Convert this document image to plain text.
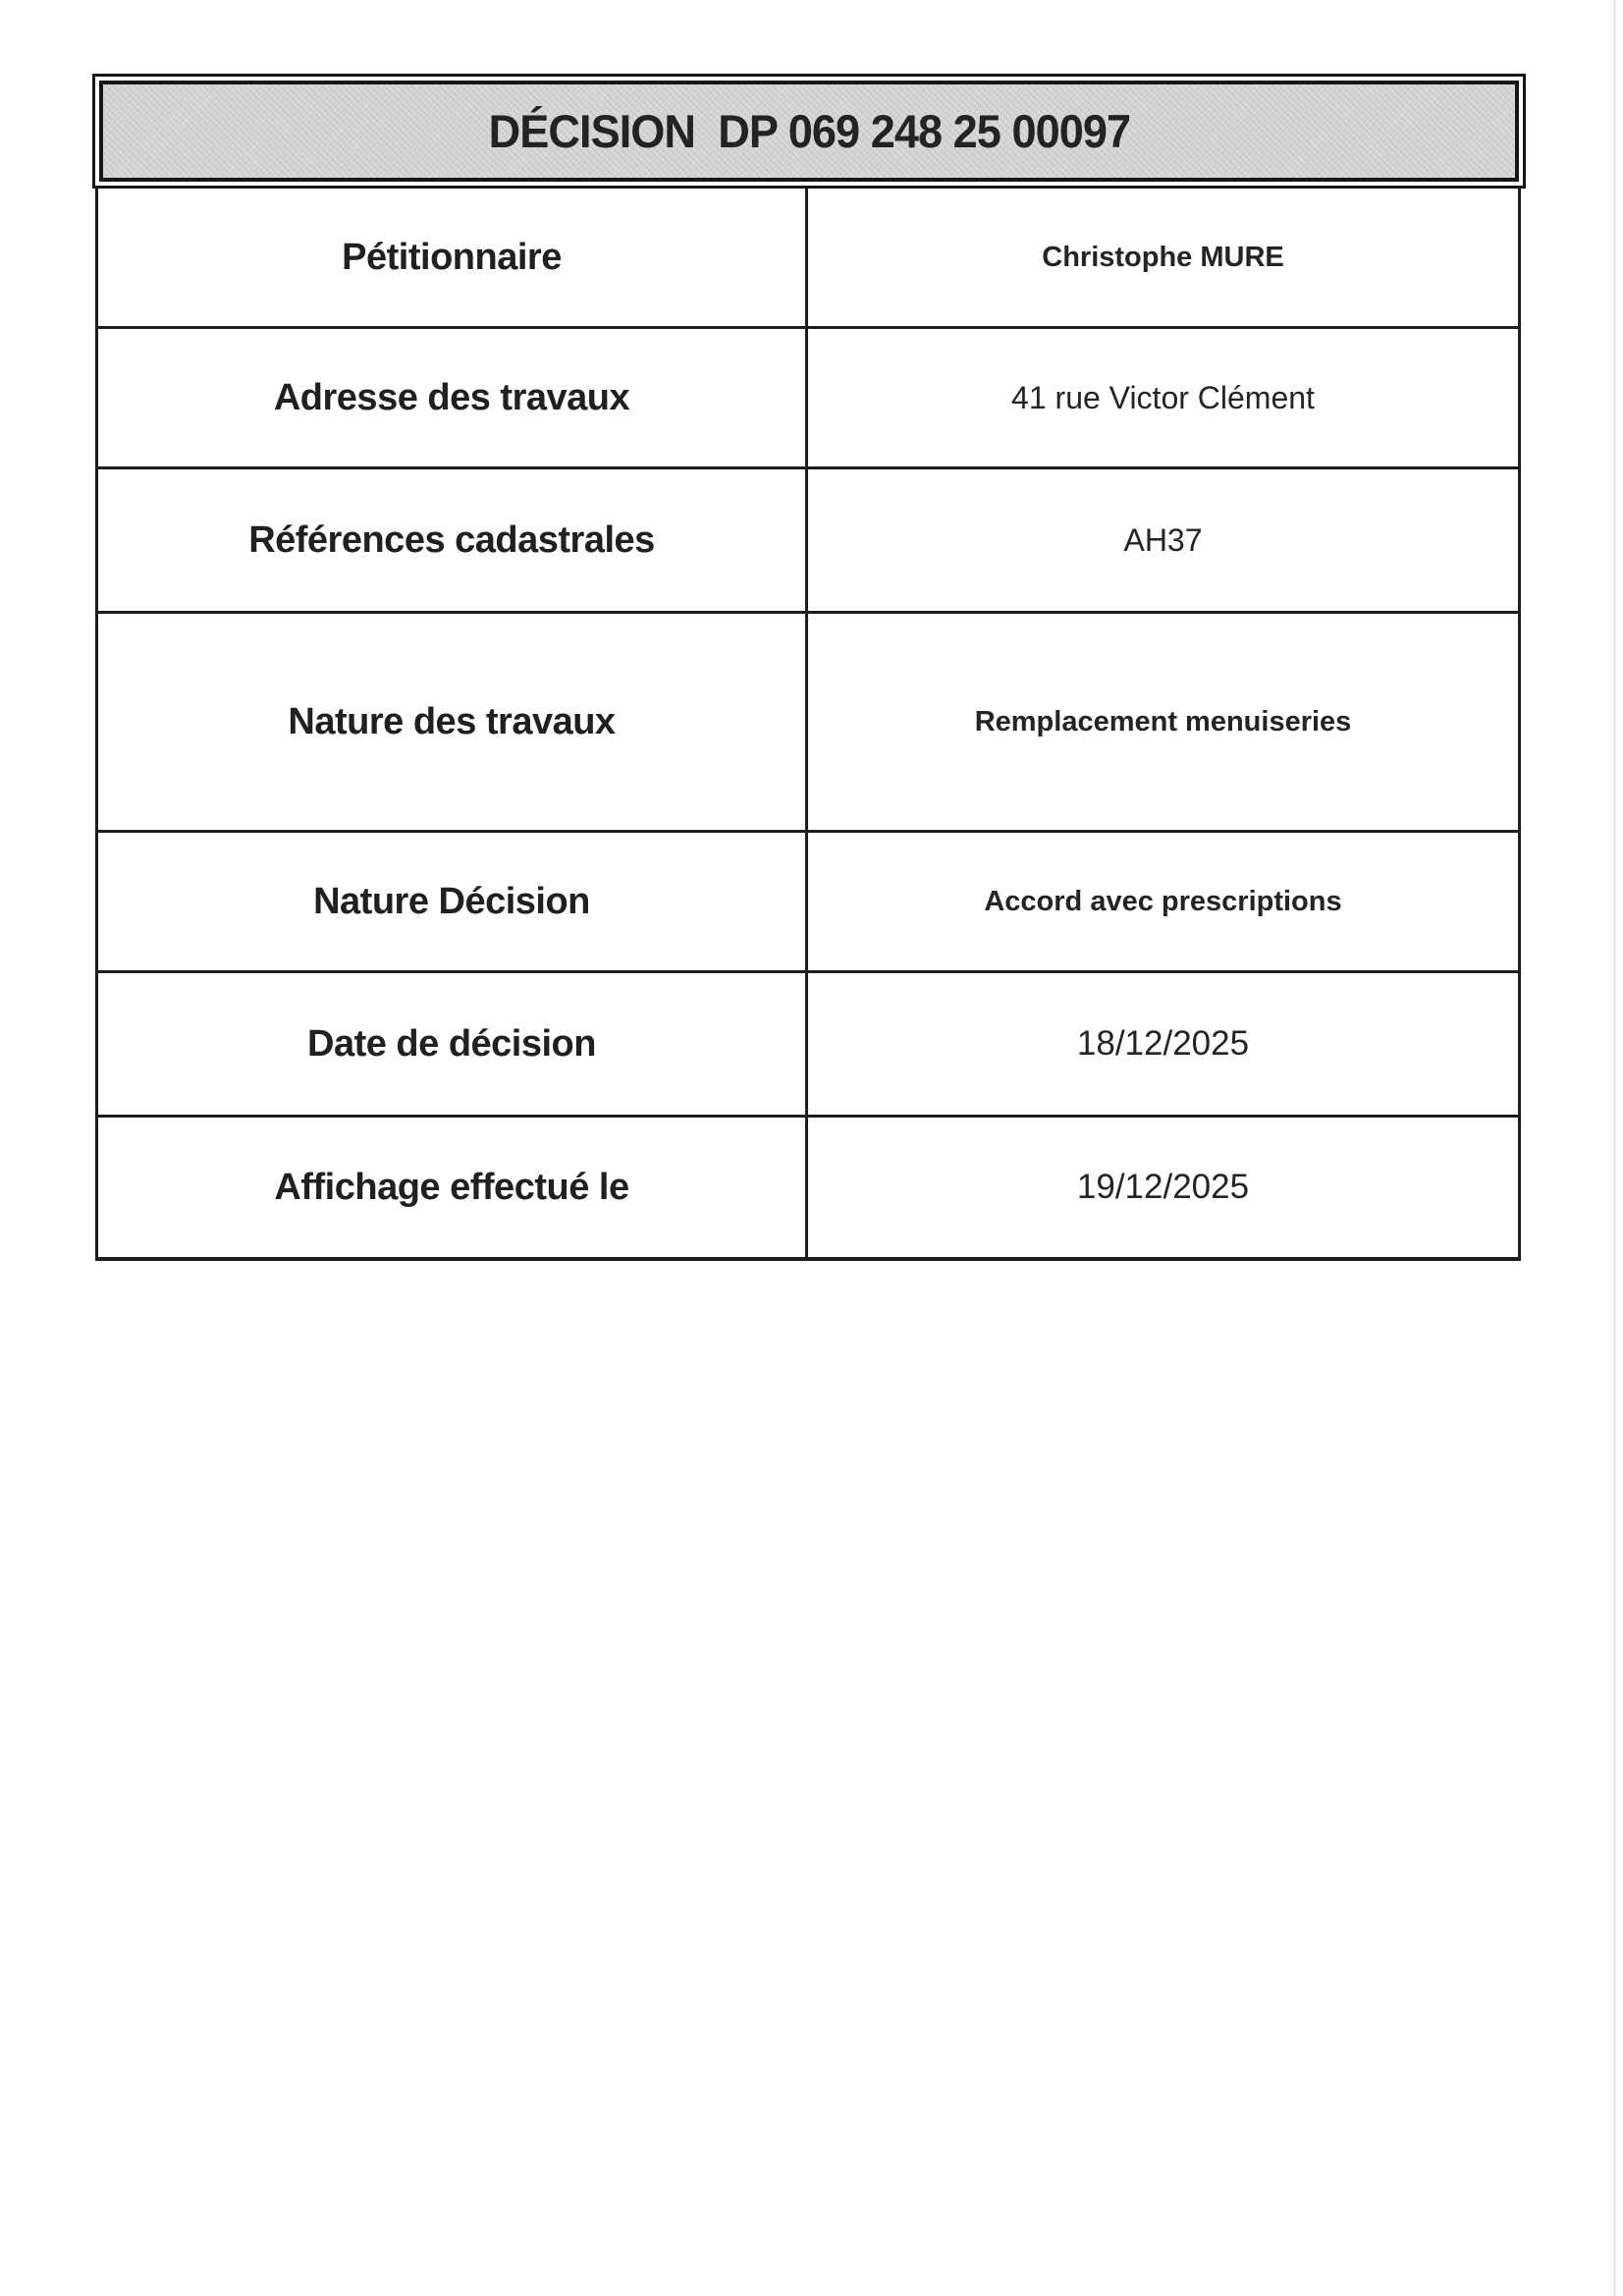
DÉCISION  DP 069 248 25 00097
Pétitionnaire	Christophe MURE
Adresse des travaux	41 rue Victor Clément
Références cadastrales	AH37
Nature des travaux	Remplacement menuiseries
Nature Décision	Accord avec prescriptions
Date de décision	18/12/2025
Affichage effectué le	19/12/2025
